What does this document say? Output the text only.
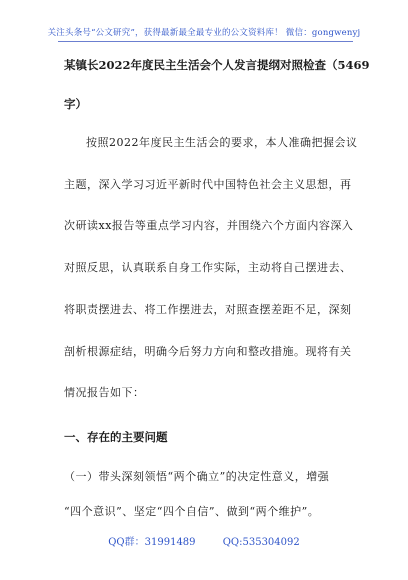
关注头条号“公文研究”，获得最新最全最专业的公文资料库！ 微信：gongwenyj
某镇长2022年度民主生活会个人发言提纲对照检查（5469
字）
按照2022年度民主生活会的要求，本人准确把握会议
主题，深入学习习近平新时代中国特色社会主义思想，再
次研读xx报告等重点学习内容，并围绕六个方面内容深入
对照反思，认真联系自身工作实际，主动将自己摆进去、
将职责摆进去、将工作摆进去，对照查摆差距不足，深刻
剖析根源症结，明确今后努力方向和整改措施。现将有关
情况报告如下：
一、存在的主要问题
（一）带头深刻领悟“两个确立”的决定性意义，增强
“四个意识”、坚定“四个自信”、做到“两个维护”。
QQ群：31991489	QQ:535304092
